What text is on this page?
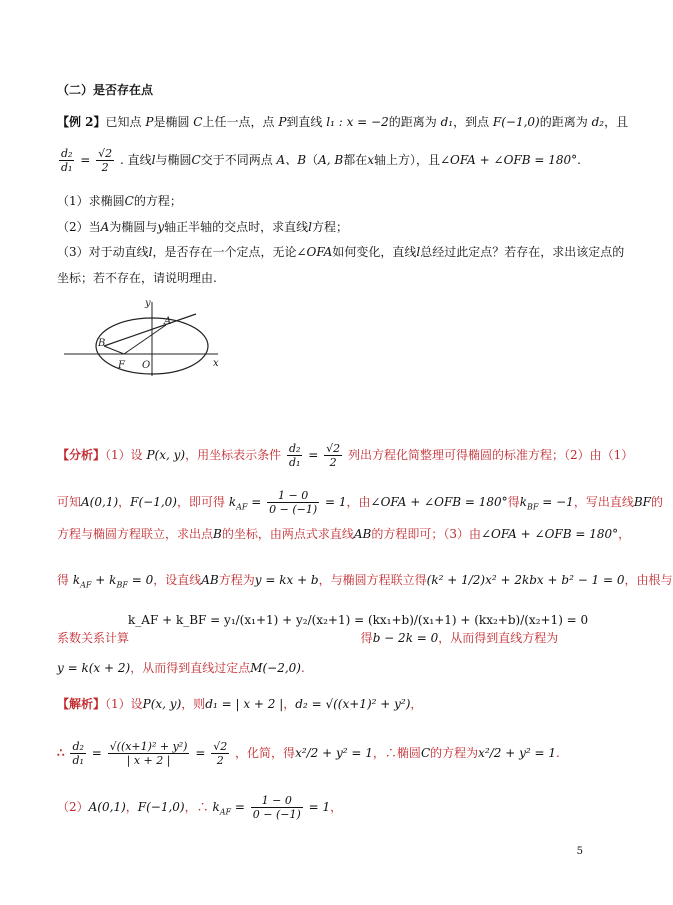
（二）是否存在点
【例 2】已知点 P是椭圆 C上任一点，点 P到直线 l₁ : x = −2的距离为 d₁，到点 F(−1,0)的距离为 d₂，且
$\frac{\text{d₂}}{\text{d₁}} = \frac{√2}{2}$ . 直线l与椭圆C交于不同两点 A、B（A, B都在x轴上方），且∠OFA + ∠OFB = 180°.
（1）求椭圆C的方程；
（2）当A为椭圆与y轴正半轴的交点时，求直线l方程；
（3）对于动直线l，是否存在一个定点，无论∠OFA如何变化，直线l总经过此定点？若存在，求出该定点的
坐标；若不存在，请说明理由.
y
A
B
F O	x
【分析】（1）设 P(x, y)，用坐标表示条件 $\frac{\text{d₂}}{\text{d₁}} = \frac{√2}{2}$ 列出方程化简整理可得椭圆的标准方程；（2）由（1）
可知A(0,1)，F(−1,0)，即可得 $k_{AF} = \frac{1 - 0}{0 - (-1)} = 1$，由∠OFA + ∠OFB = 180°得$k_{BF} = -1$，写出直线BF的
方程与椭圆方程联立，求出点B的坐标，由两点式求直线AB的方程即可；（3）由∠OFA + ∠OFB = 180°，
得 $k_{AF} + k_{BF} = 0$，设直线AB方程为y = kx + b，与椭圆方程联立得(k² + 1/2)x² + 2kbx + b² − 1 = 0，由根与
k_AF + k_BF = y₁/(x₁+1) + y₂/(x₂+1) = (kx₁+b)/(x₁+1) + (kx₂+b)/(x₂+1) = 0
系数关系计算	得b − 2k = 0，从而得到直线方程为
y = k(x + 2)，从而得到直线过定点M(−2,0).
【解析】（1）设P(x, y)，则d₁ = | x + 2 |，d₂ = √((x+1)² + y²)，
∴ $\frac{\text{d₂}}{\text{d₁}} = \frac{\text{√((x+1)² + y²)}}{| x + 2 |} = \frac{√2}{2}$ ，化简，得x²/2 + y² = 1，∴椭圆C的方程为x²/2 + y² = 1.
（2）A(0,1)，F(−1,0)，∴ $k_{AF} = \frac{1 - 0}{0 - (-1)} = 1$，
5
